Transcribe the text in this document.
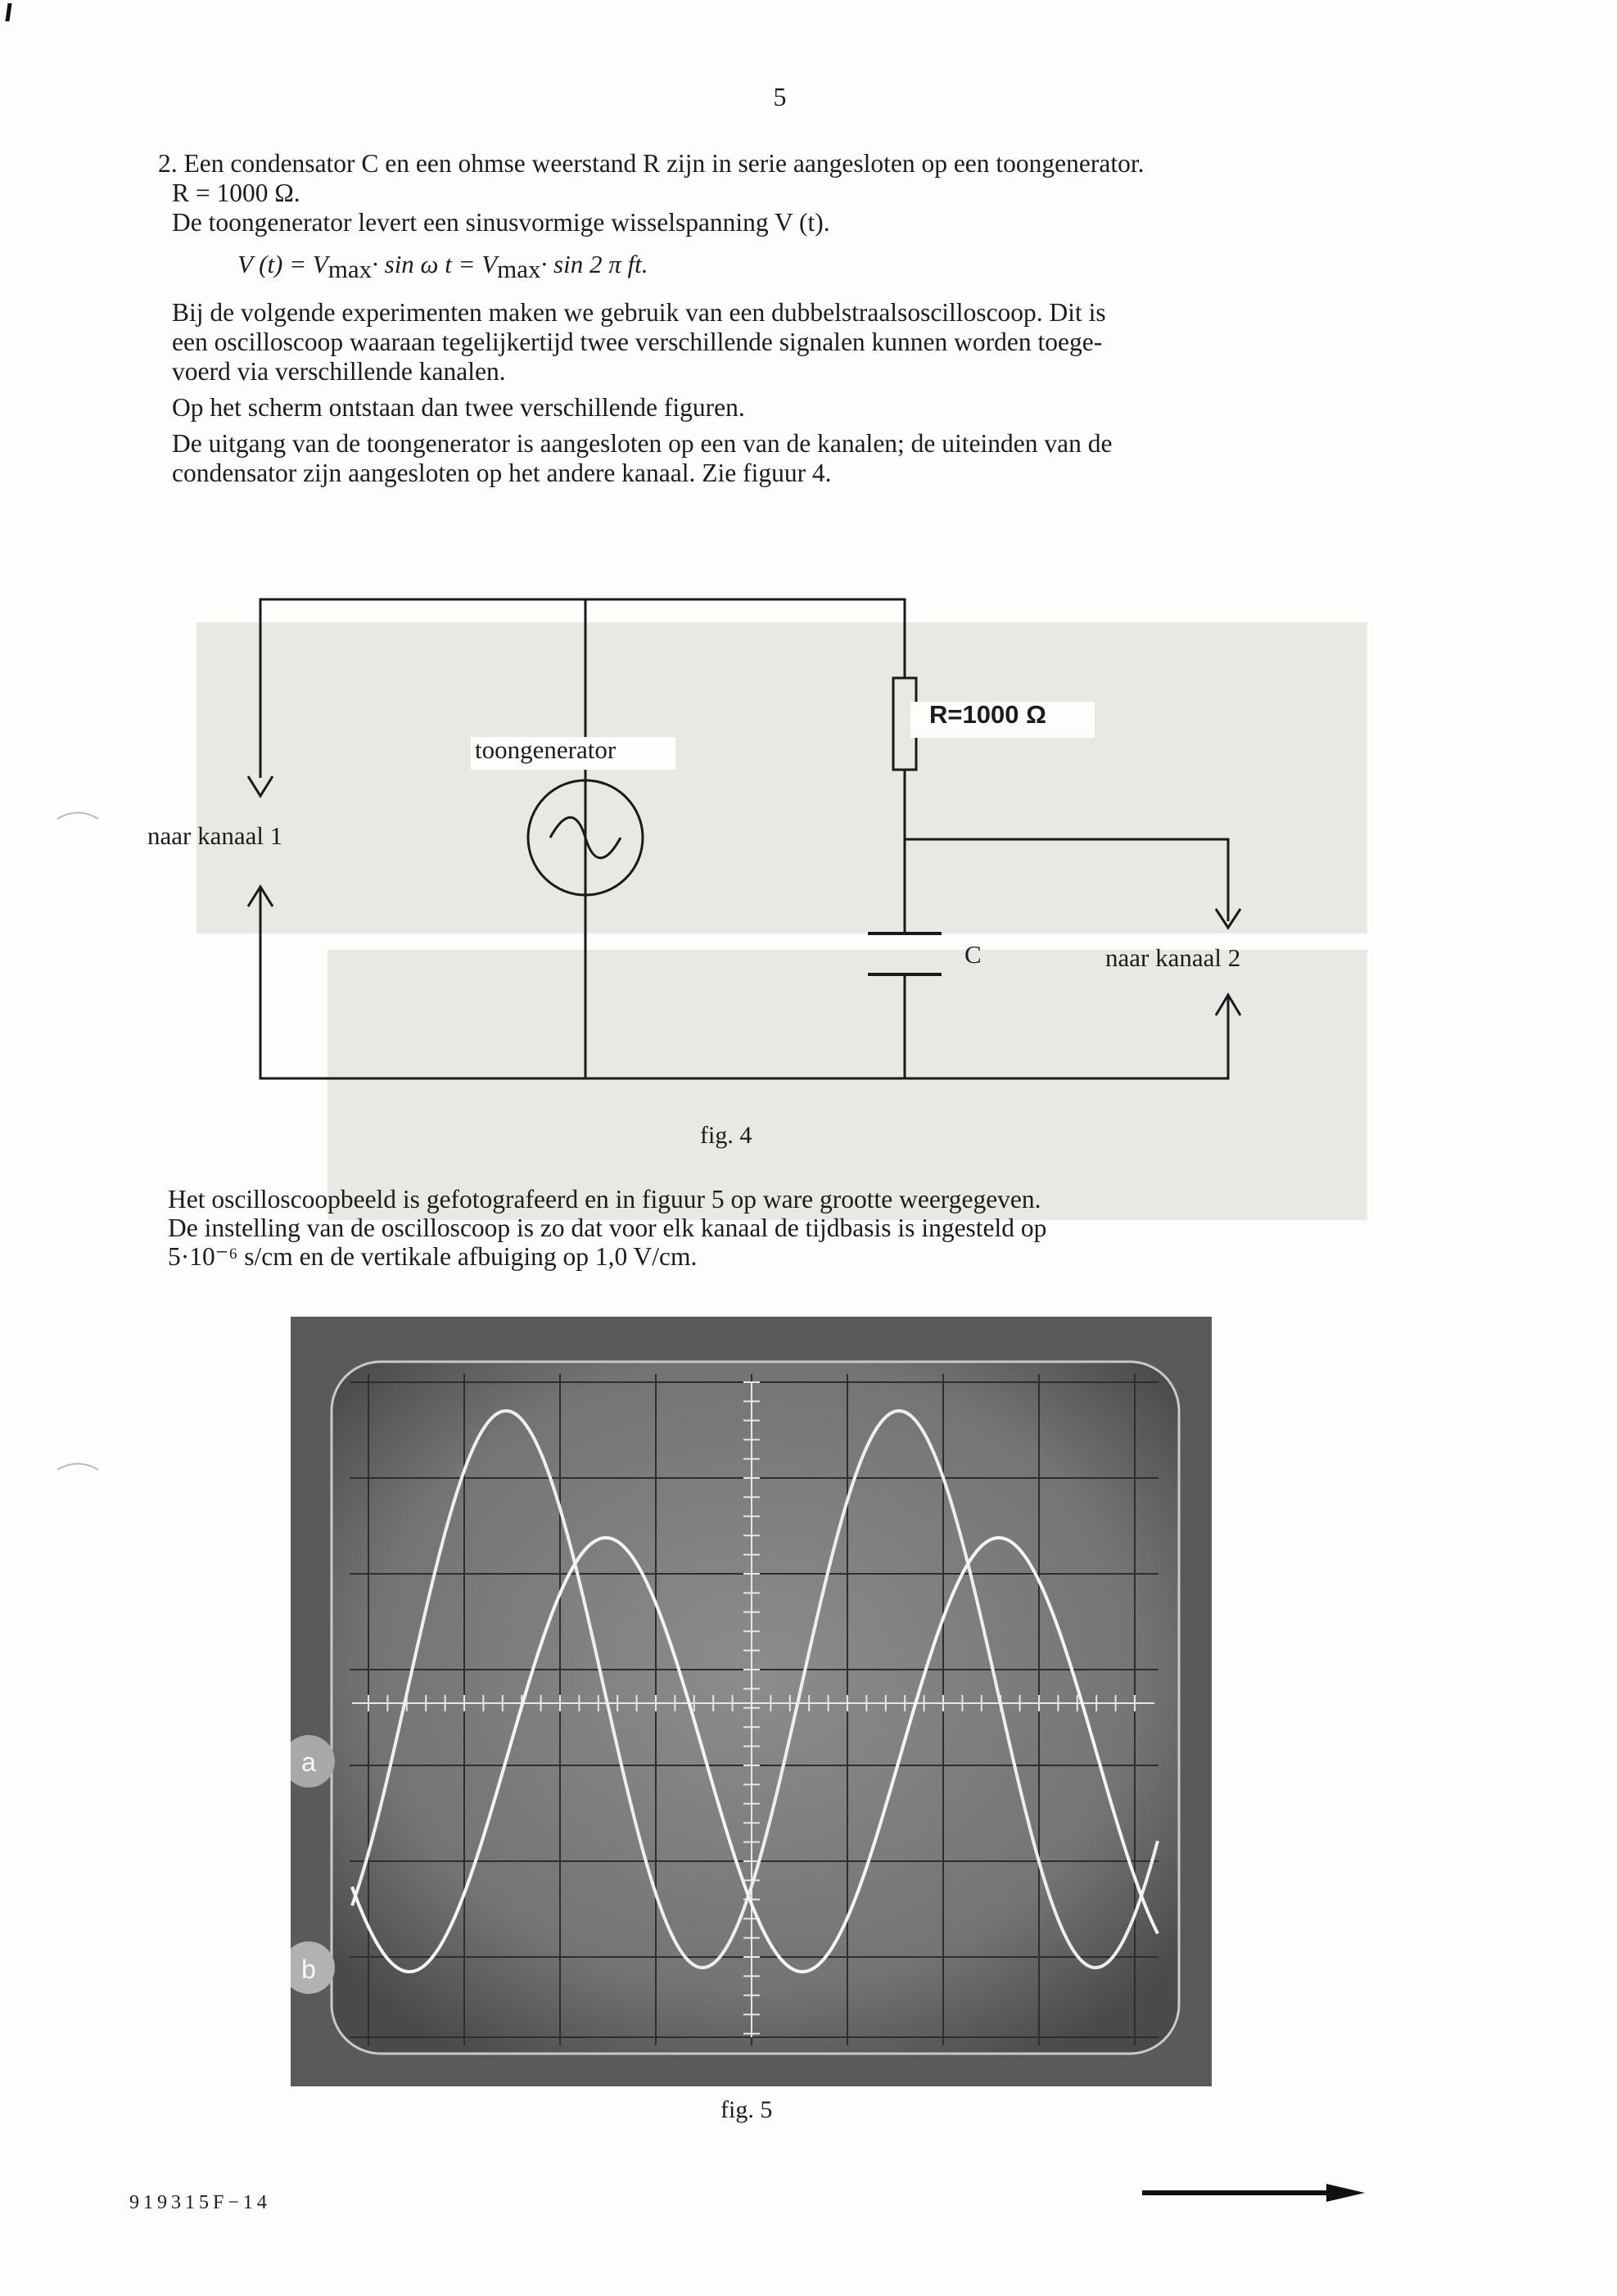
5
2. Een condensator C en een ohmse weerstand R zijn in serie aangesloten op een toongenerator.
R = 1000 Ω.
De toongenerator levert een sinusvormige wisselspanning V (t).
V (t) = Vmax· sin ω t = Vmax· sin 2 π ft.
Bij de volgende experimenten maken we gebruik van een dubbelstraalsoscilloscoop. Dit is
een oscilloscoop waaraan tegelijkertijd twee verschillende signalen kunnen worden toege-
voerd via verschillende kanalen.
Op het scherm ontstaan dan twee verschillende figuren.
De uitgang van de toongenerator is aangesloten op een van de kanalen; de uiteinden van de
condensator zijn aangesloten op het andere kanaal. Zie figuur 4.
toongenerator
R=1000 Ω
C
naar kanaal 1
naar kanaal 2
fig. 4
Het oscilloscoopbeeld is gefotografeerd en in figuur 5 op ware grootte weergegeven.
De instelling van de oscilloscoop is zo dat voor elk kanaal de tijdbasis is ingesteld op
5·10⁻⁶ s/cm en de vertikale afbuiging op 1,0 V/cm.
a
b
fig. 5
919315F−14
